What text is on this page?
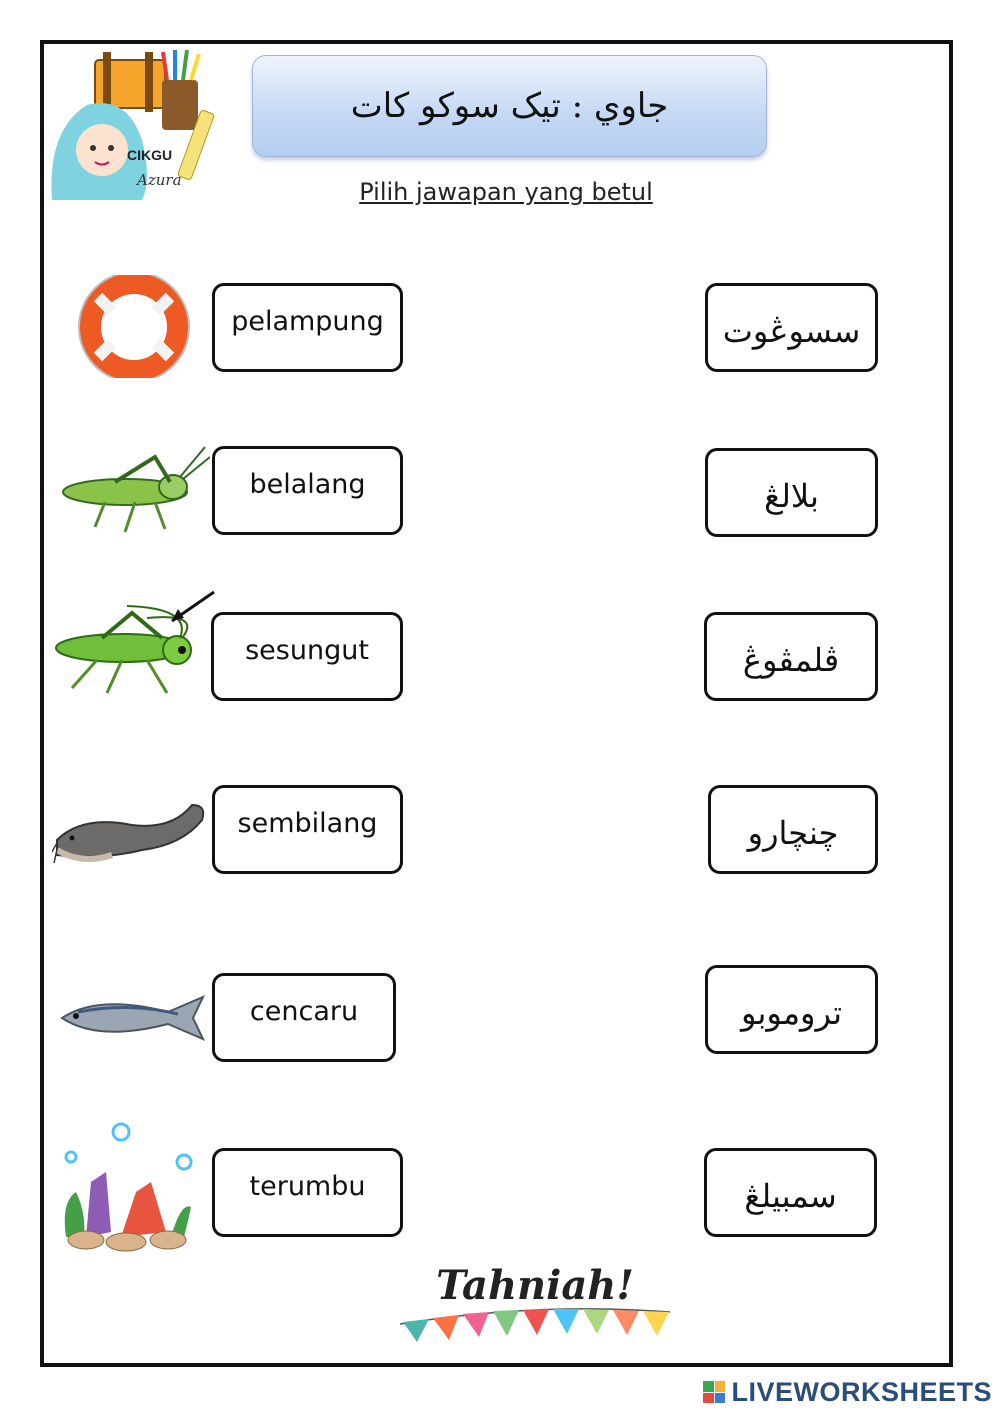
CIKGU
Azura
جاوي : تيک سوکو کات
Pilih jawapan yang betul
pelampung
belalang
sesungut
sembilang
cencaru
terumbu
سسوڠوت
بلالڠ
ڤلمڤوڠ
چنچارو
تروموبو
سمبيلڠ
Tahniah!
LIVEWORKSHEETS
